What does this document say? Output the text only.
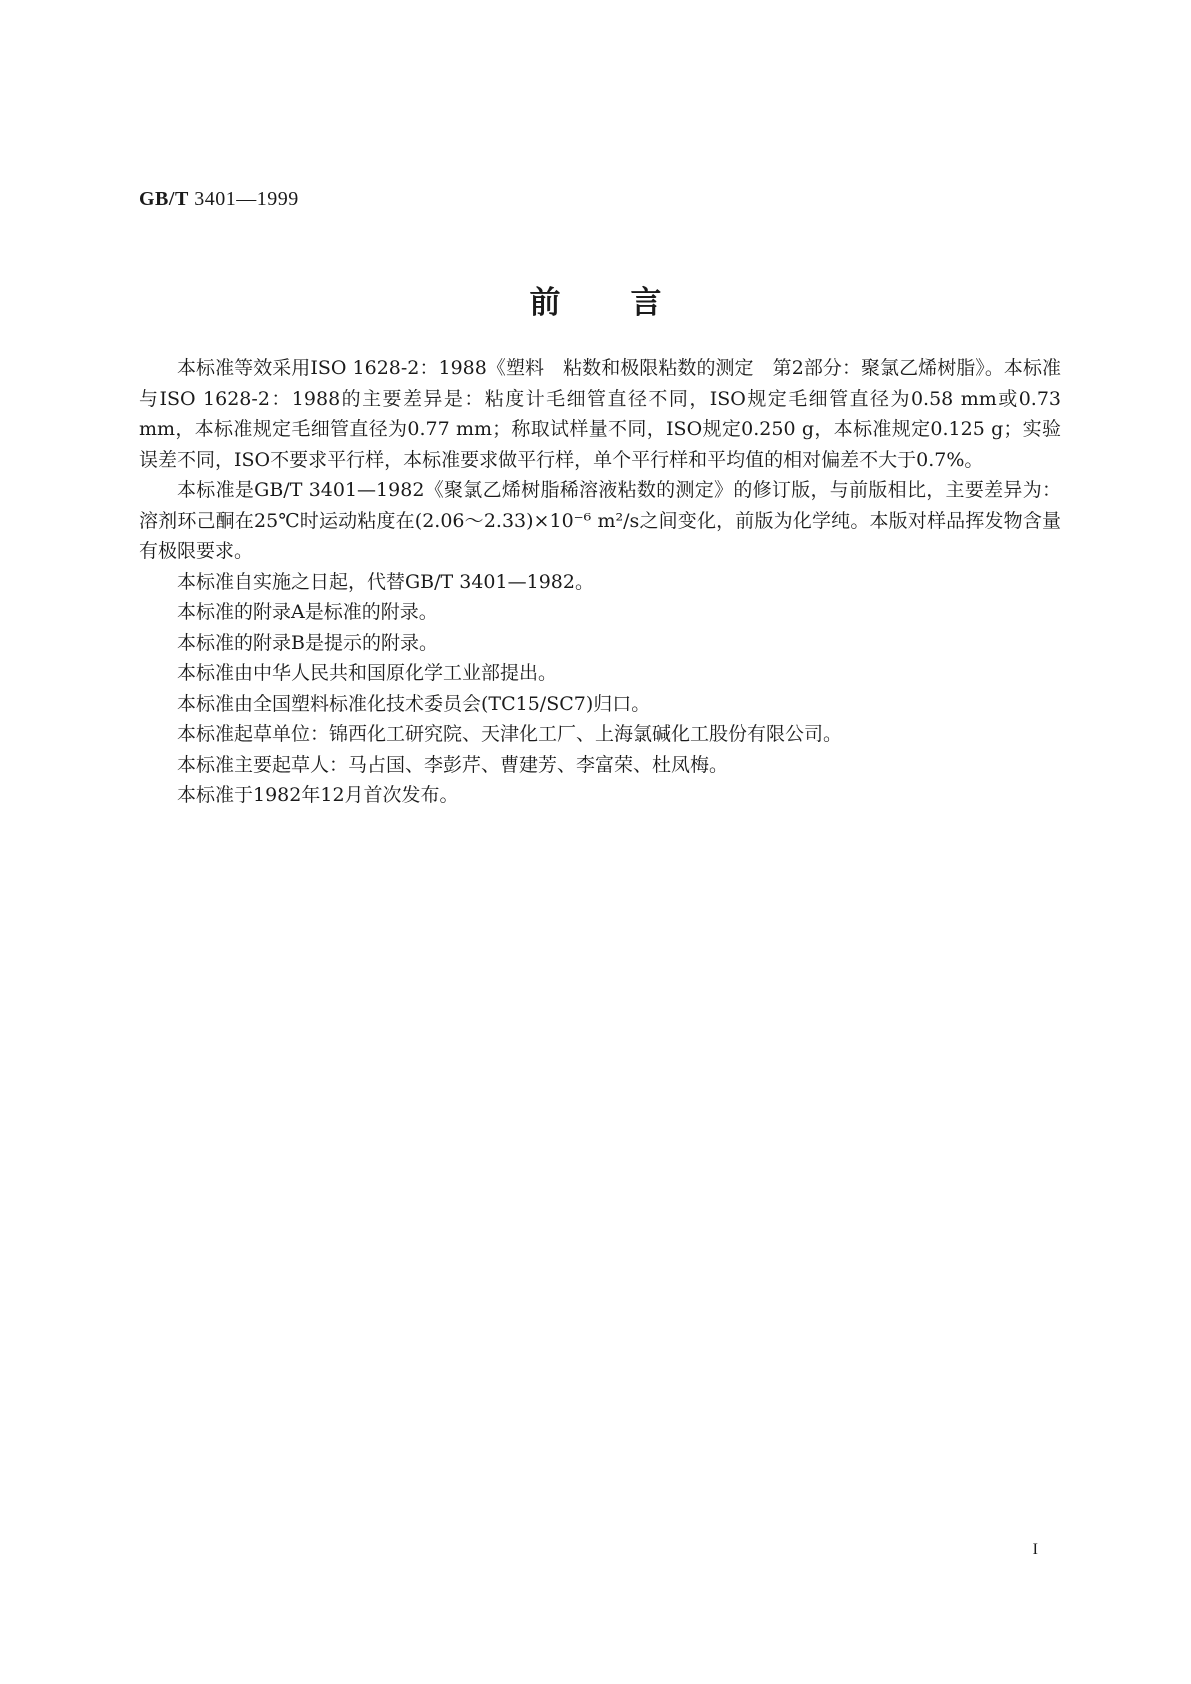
GB/T 3401—1999
前言

本标准等效采用ISO 1628-2：1988《塑料　粘数和极限粘数的测定　第2部分：聚氯乙烯树脂》。本标准与ISO 1628-2：1988的主要差异是：粘度计毛细管直径不同，ISO规定毛细管直径为0.58 mm或0.73 mm，本标准规定毛细管直径为0.77 mm；称取试样量不同，ISO规定0.250 g，本标准规定0.125 g；实验误差不同，ISO不要求平行样，本标准要求做平行样，单个平行样和平均值的相对偏差不大于0.7%。

本标准是GB/T 3401—1982《聚氯乙烯树脂稀溶液粘数的测定》的修订版，与前版相比，主要差异为：溶剂环己酮在25℃时运动粘度在(2.06～2.33)×10⁻⁶ m²/s之间变化，前版为化学纯。本版对样品挥发物含量有极限要求。

本标准自实施之日起，代替GB/T 3401—1982。

本标准的附录A是标准的附录。

本标准的附录B是提示的附录。

本标准由中华人民共和国原化学工业部提出。

本标准由全国塑料标准化技术委员会(TC15/SC7)归口。

本标准起草单位：锦西化工研究院、天津化工厂、上海氯碱化工股份有限公司。

本标准主要起草人：马占国、李彭芹、曹建芳、李富荣、杜凤梅。

本标准于1982年12月首次发布。

I
